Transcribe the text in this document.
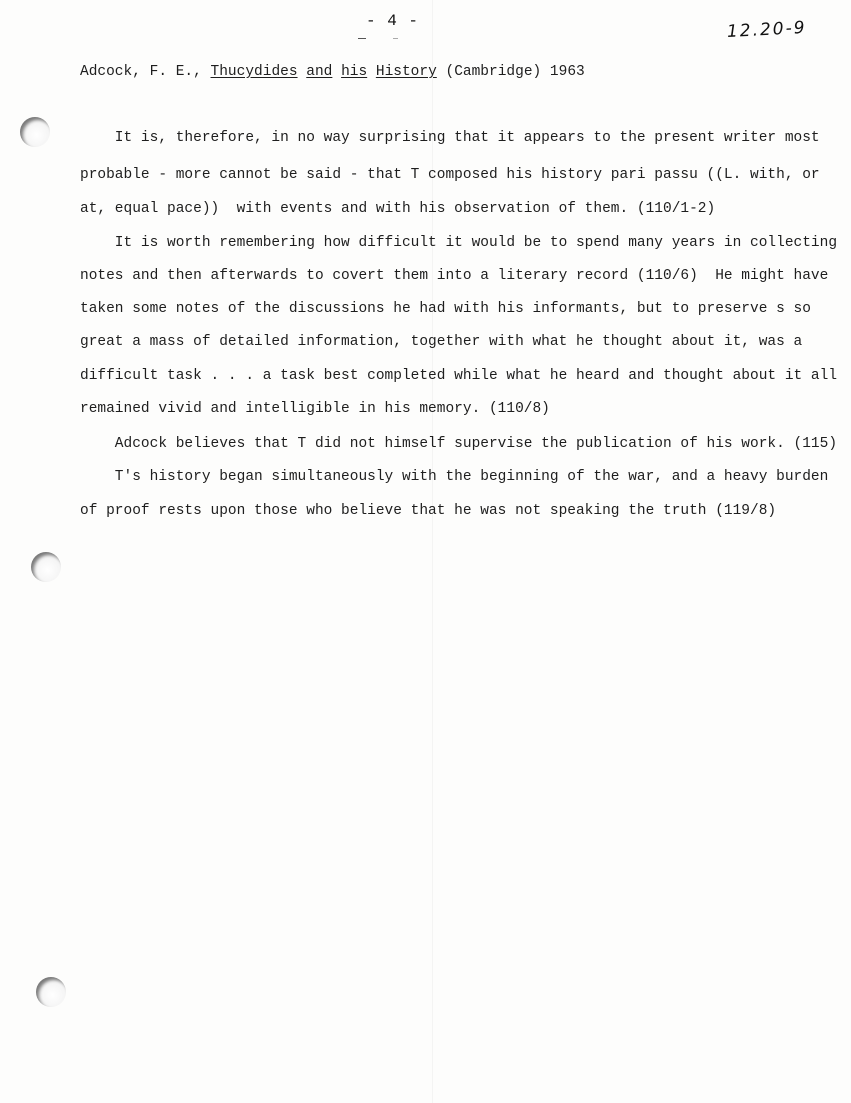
- 4 -	12.20-9
Adcock, F. E., Thucydides and his History (Cambridge) 1963
It is, therefore, in no way surprising that it appears to the present writer most
probable - more cannot be said - that T composed his history pari passu ((L. with, or
at, equal pace))  with events and with his observation of them. (110/1-2)
It is worth remembering how difficult it would be to spend many years in collecting
notes and then afterwards to covert them into a literary record (110/6)  He might have
taken some notes of the discussions he had with his informants, but to preserve s so
great a mass of detailed information, together with what he thought about it, was a
difficult task . . . a task best completed while what he heard and thought about it all
remained vivid and intelligible in his memory. (110/8)
Adcock believes that T did not himself supervise the publication of his work. (115)
T's history began simultaneously with the beginning of the war, and a heavy burden
of proof rests upon those who believe that he was not speaking the truth (119/8)
